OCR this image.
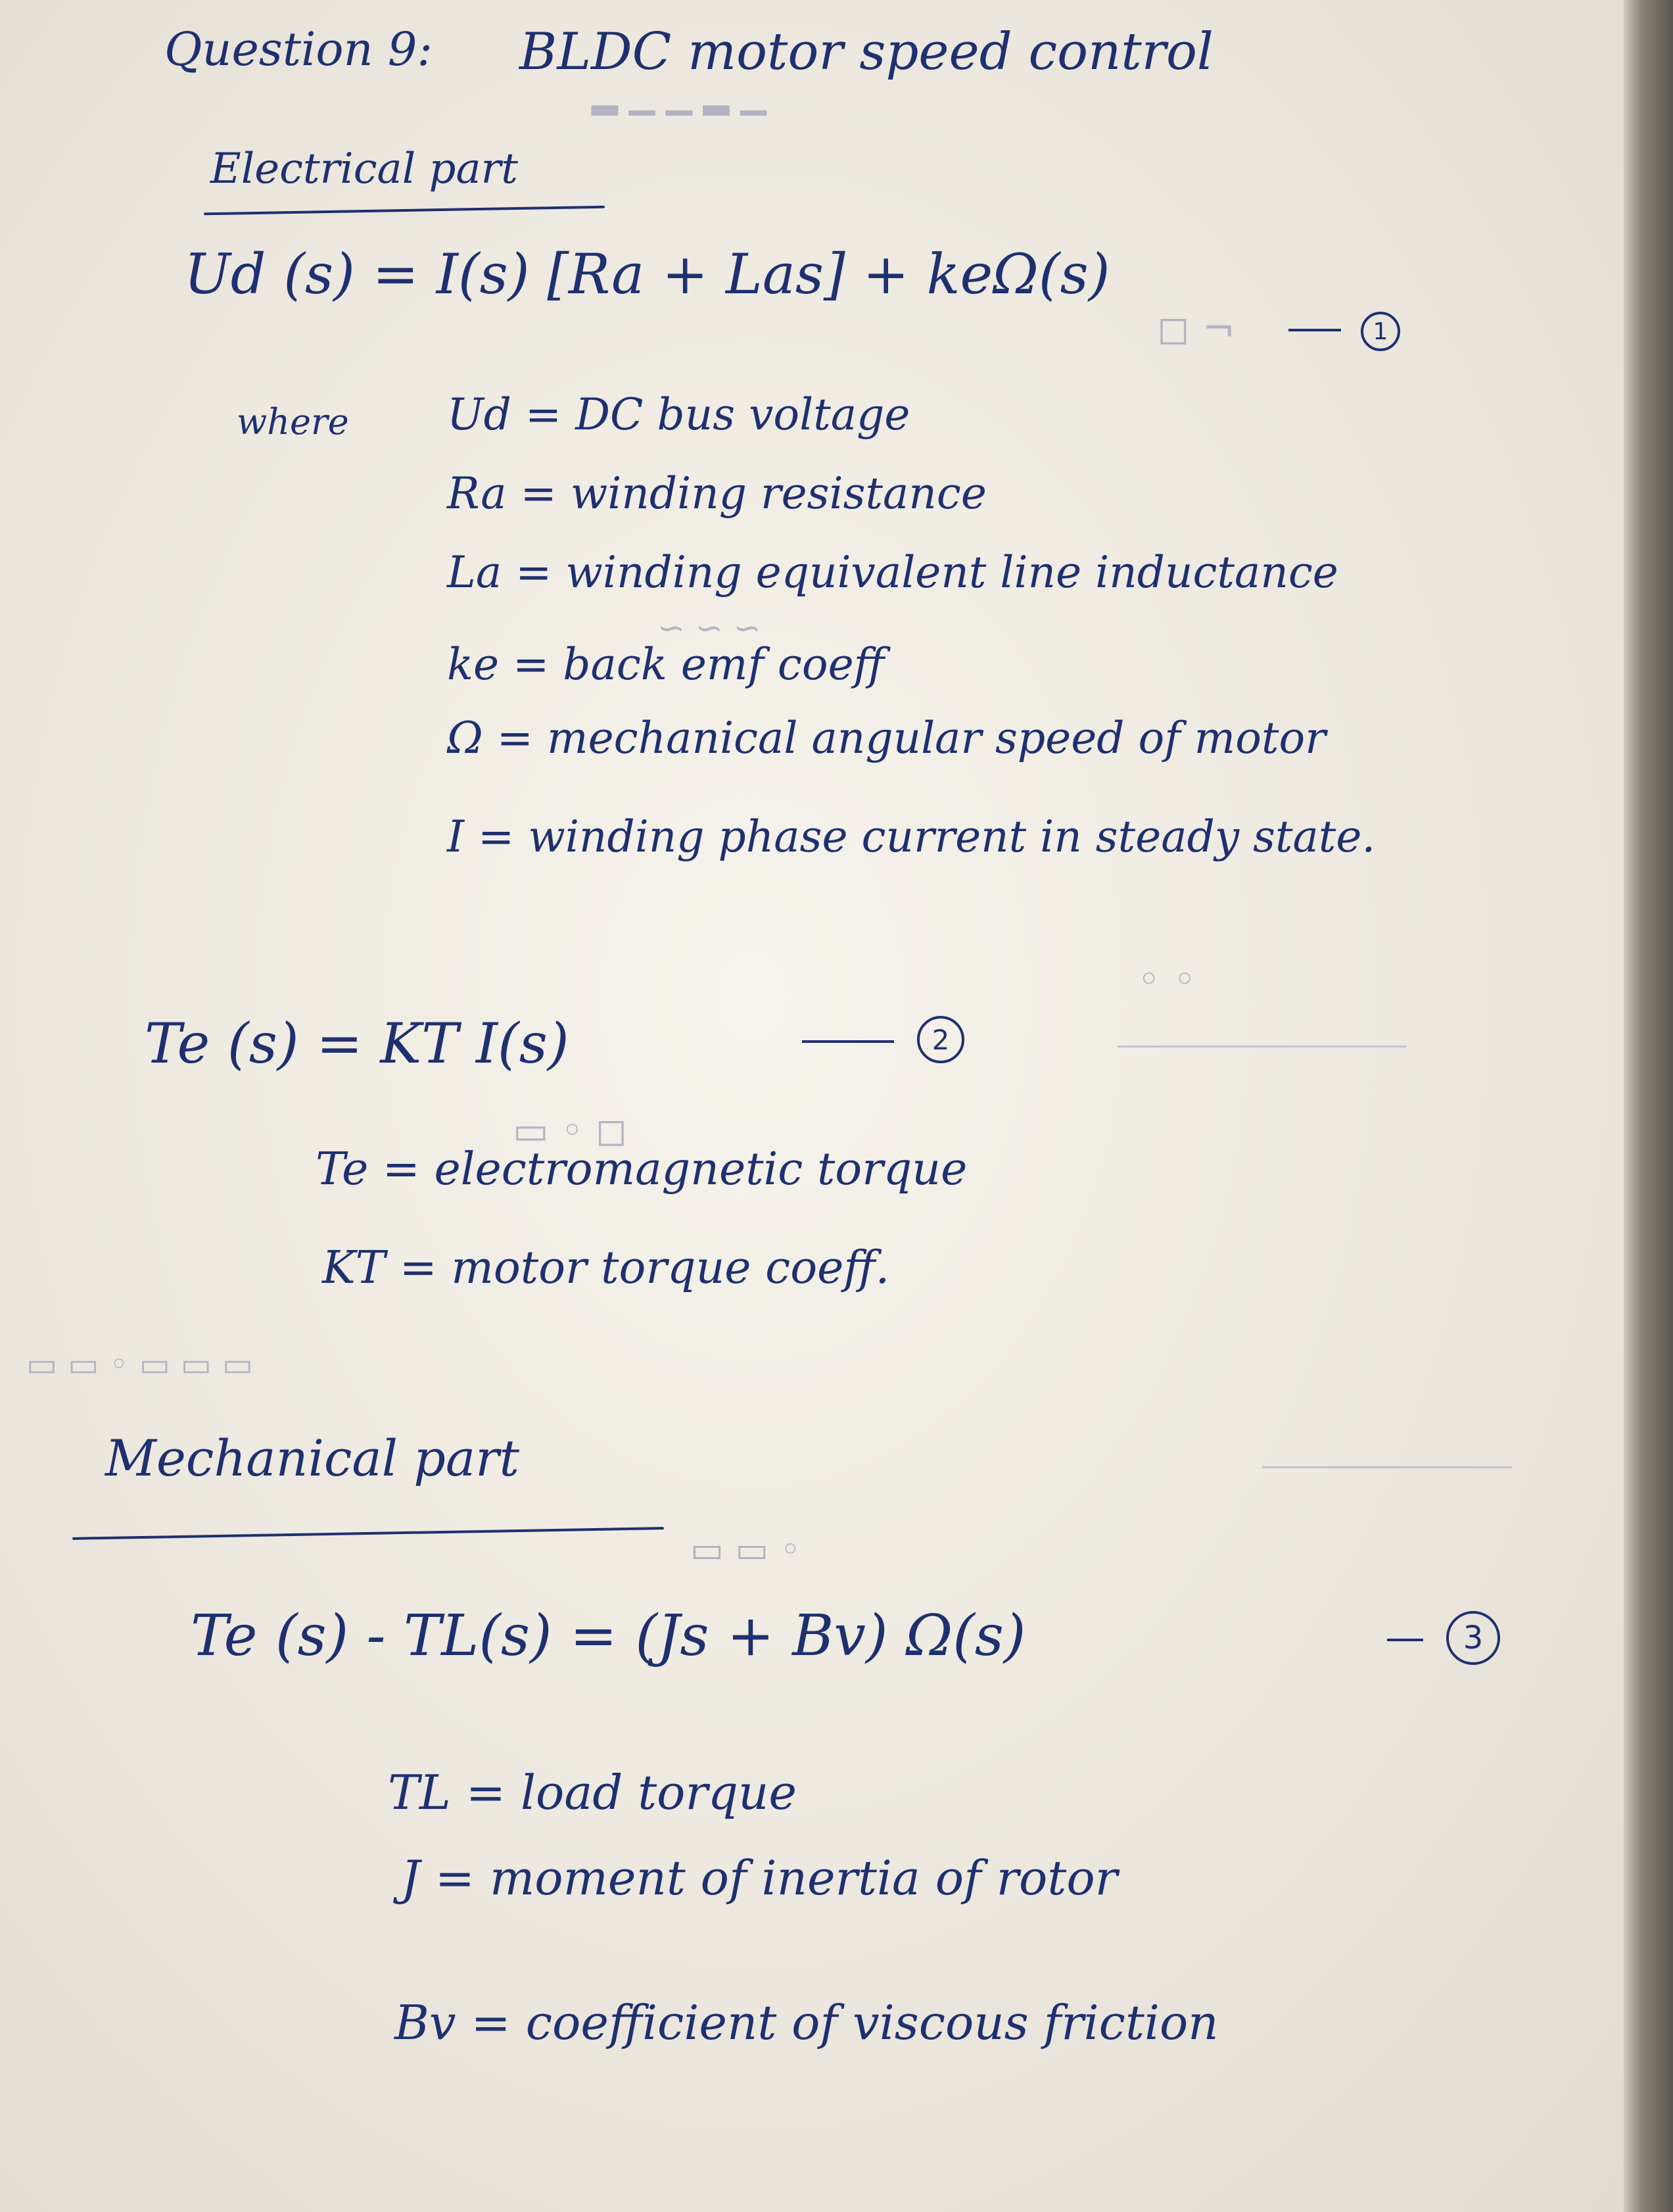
▁ ▂ ▁ ▁ ▂
⌐ ◻
∼ ∼ ∼
◦ ◦
◻ ◦ ▭
▭ ▭ ▭ ◦ ▭ ▭
◦ ▭ ▭
Question 9: BLDC motor speed control
Electrical part
Ud (s) = I(s) [Ra + Las] + keΩ(s)
1
where Ud = DC bus voltage
Ra = winding resistance
La = winding equivalent line inductance
ke = back emf coeff
Ω = mechanical angular speed of motor
I = winding phase current in steady state.
Te (s) = KT I(s)	2
Te = electromagnetic torque
KT = motor torque coeff.
Mechanical part
Te (s) - TL(s) = (Js + Bv) Ω(s)	3
TL = load torque
J = moment of inertia of rotor
Bv = coefficient of viscous friction
